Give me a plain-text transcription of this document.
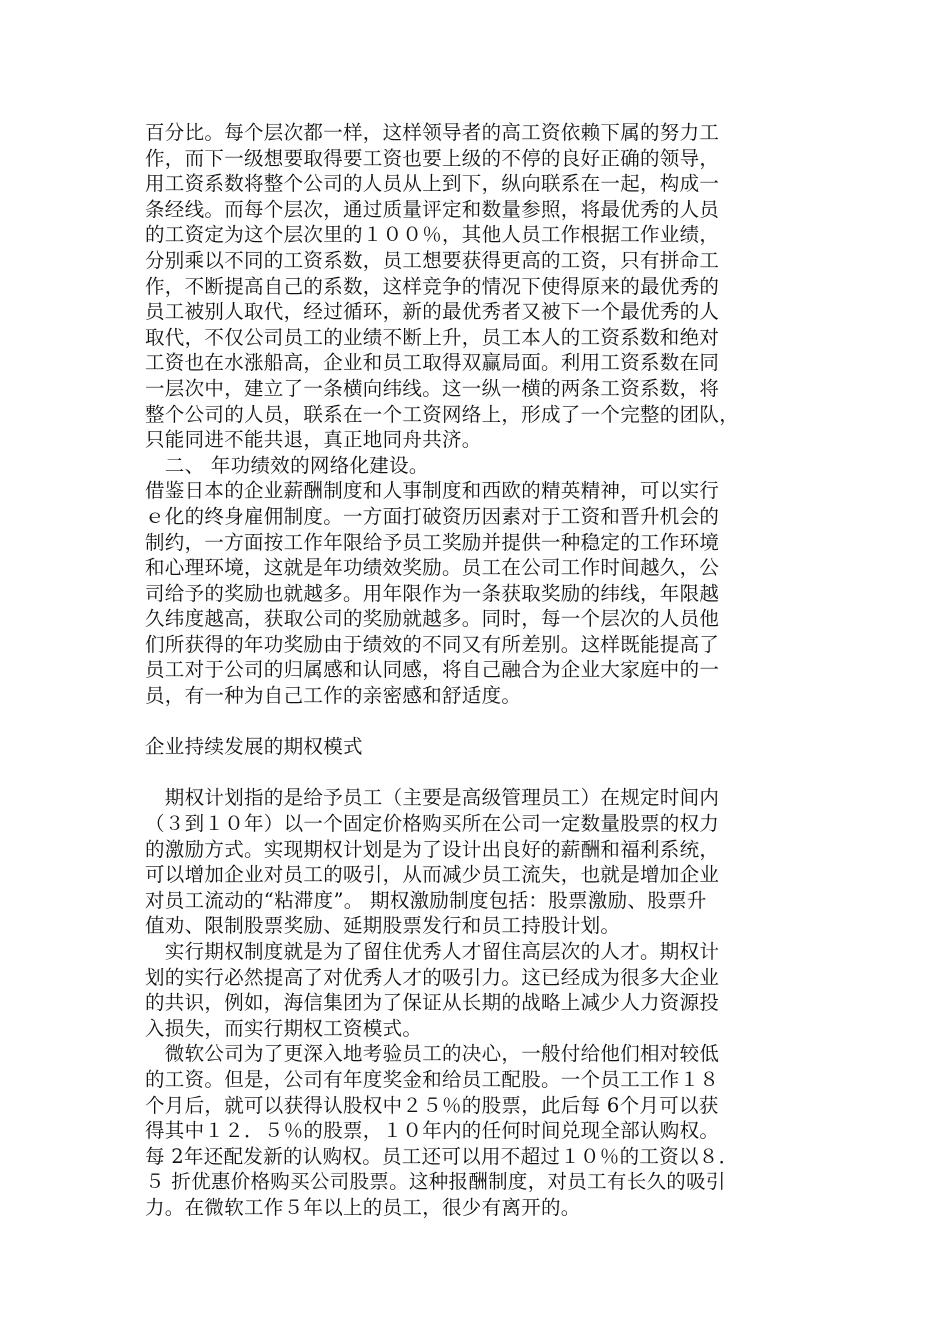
百分比。每个层次都一样，这样领导者的高工资依赖下属的努力工
作，而下一级想要取得要工资也要上级的不停的良好正确的领导，
用工资系数将整个公司的人员从上到下，纵向联系在一起，构成一
条经线。而每个层次，通过质量评定和数量参照，将最优秀的人员
的工资定为这个层次里的１００％，其他人员工作根据工作业绩，
分别乘以不同的工资系数，员工想要获得更高的工资，只有拼命工
作，不断提高自己的系数，这样竞争的情况下使得原来的最优秀的
员工被别人取代，经过循环，新的最优秀者又被下一个最优秀的人
取代，不仅公司员工的业绩不断上升，员工本人的工资系数和绝对
工资也在水涨船高，企业和员工取得双赢局面。利用工资系数在同
一层次中，建立了一条横向纬线。这一纵一横的两条工资系数，将
整个公司的人员，联系在一个工资网络上，形成了一个完整的团队，
只能同进不能共退，真正地同舟共济。
　二、 年功绩效的网络化建设。
借鉴日本的企业薪酬制度和人事制度和西欧的精英精神，可以实行
ｅ化的终身雇佣制度。一方面打破资历因素对于工资和晋升机会的
制约，一方面按工作年限给予员工奖励并提供一种稳定的工作环境
和心理环境，这就是年功绩效奖励。员工在公司工作时间越久，公
司给予的奖励也就越多。用年限作为一条获取奖励的纬线，年限越
久纬度越高，获取公司的奖励就越多。同时，每一个层次的人员他
们所获得的年功奖励由于绩效的不同又有所差别。这样既能提高了
员工对于公司的归属感和认同感，将自己融合为企业大家庭中的一
员，有一种为自己工作的亲密感和舒适度。
企业持续发展的期权模式
　期权计划指的是给予员工（主要是高级管理员工）在规定时间内
（３到１０年）以一个固定价格购买所在公司一定数量股票的权力
的激励方式。实现期权计划是为了设计出良好的薪酬和福利系统，
可以增加企业对员工的吸引，从而减少员工流失，也就是增加企业
对员工流动的“粘滞度”。 期权激励制度包括：股票激励、股票升
值劝、限制股票奖励、延期股票发行和员工持股计划。
　实行期权制度就是为了留住优秀人才留住高层次的人才。期权计
划的实行必然提高了对优秀人才的吸引力。这已经成为很多大企业
的共识，例如，海信集团为了保证从长期的战略上减少人力资源投
入损失，而实行期权工资模式。
　微软公司为了更深入地考验员工的决心，一般付给他们相对较低
的工资。但是，公司有年度奖金和给员工配股。一个员工工作１８
个月后，就可以获得认股权中２５％的股票，此后每 6个月可以获
得其中１２．５％的股票，１０年内的任何时间兑现全部认购权。
每 2年还配发新的认购权。员工还可以用不超过１０％的工资以８．
５ 折优惠价格购买公司股票。这种报酬制度，对员工有长久的吸引
力。在微软工作５年以上的员工，很少有离开的。
